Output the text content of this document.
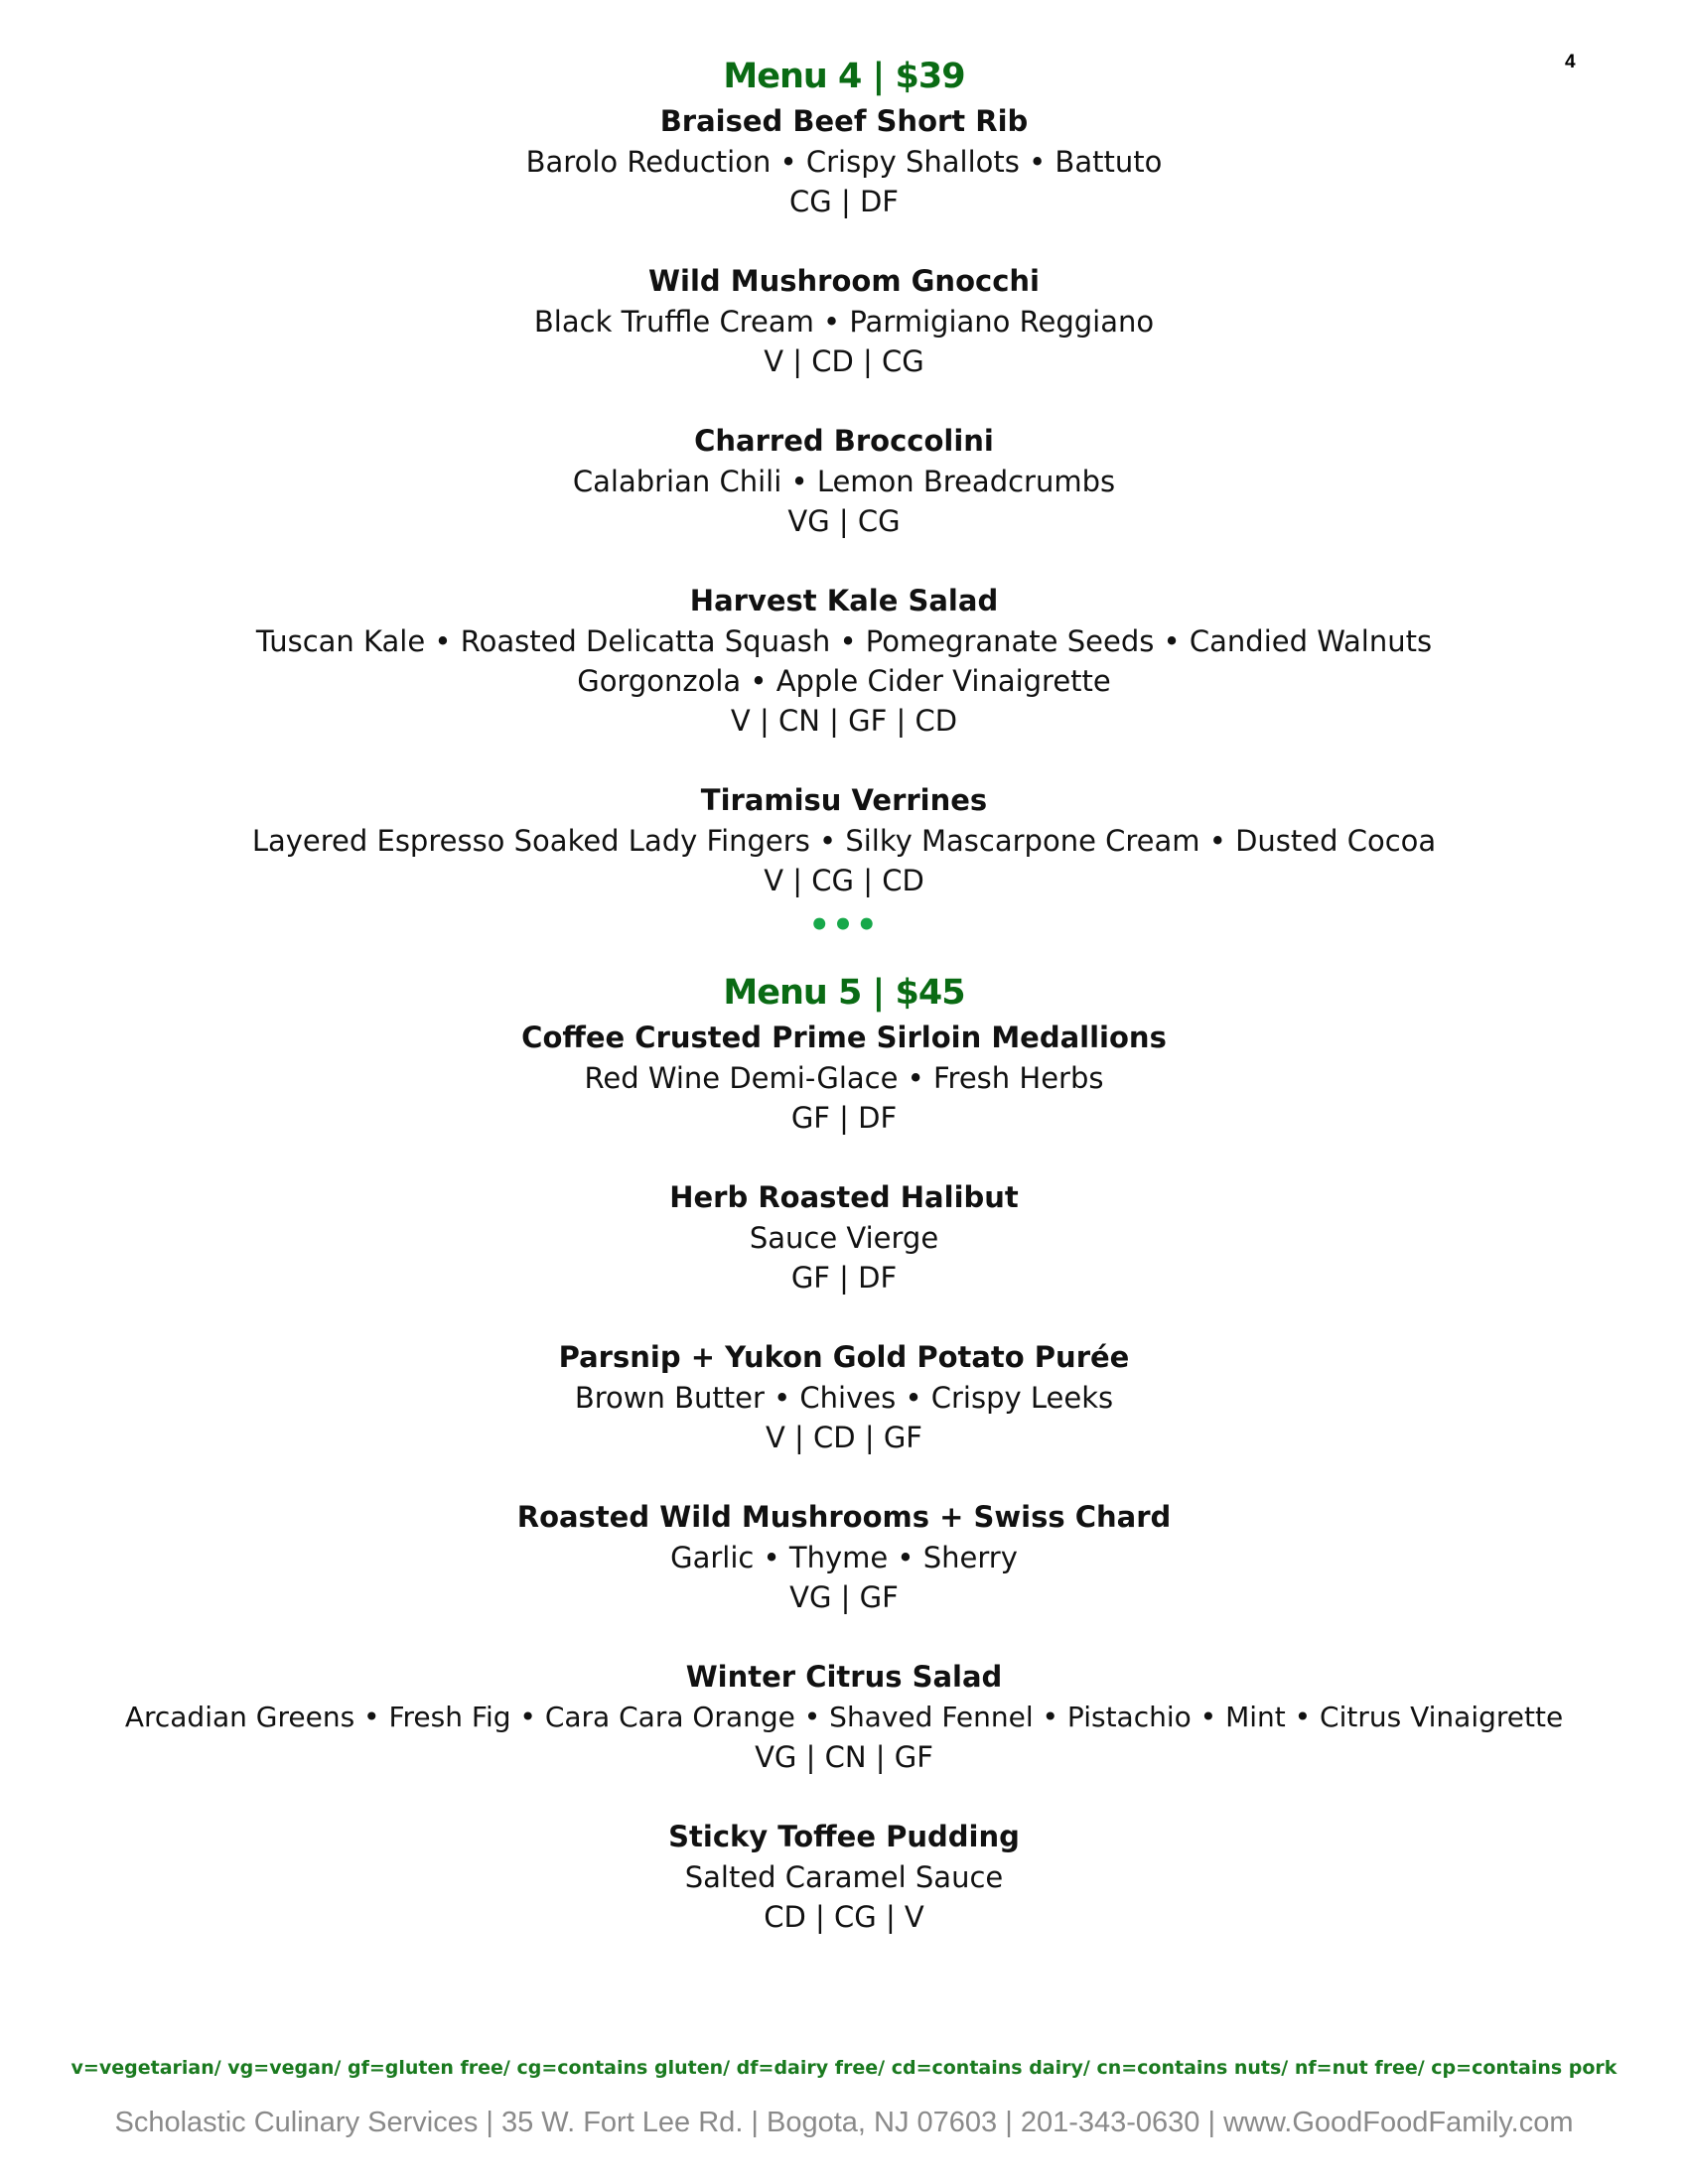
4
Menu 4 | $39
Braised Beef Short Rib
Barolo Reduction • Crispy Shallots • Battuto
CG | DF
Wild Mushroom Gnocchi
Black Truffle Cream • Parmigiano Reggiano
V | CD | CG
Charred Broccolini
Calabrian Chili • Lemon Breadcrumbs
VG | CG
Harvest Kale Salad
Tuscan Kale • Roasted Delicatta Squash • Pomegranate Seeds • Candied Walnuts
Gorgonzola • Apple Cider Vinaigrette
V | CN | GF | CD
Tiramisu Verrines
Layered Espresso Soaked Lady Fingers • Silky Mascarpone Cream • Dusted Cocoa
V | CG | CD
•••
Menu 5 | $45
Coffee Crusted Prime Sirloin Medallions
Red Wine Demi-Glace • Fresh Herbs
GF | DF
Herb Roasted Halibut
Sauce Vierge
GF | DF
Parsnip + Yukon Gold Potato Purée
Brown Butter • Chives • Crispy Leeks
V | CD | GF
Roasted Wild Mushrooms + Swiss Chard
Garlic • Thyme • Sherry
VG | GF
Winter Citrus Salad
Arcadian Greens • Fresh Fig • Cara Cara Orange • Shaved Fennel • Pistachio • Mint • Citrus Vinaigrette
VG | CN | GF
Sticky Toffee Pudding
Salted Caramel Sauce
CD | CG | V
v=vegetarian/ vg=vegan/ gf=gluten free/ cg=contains gluten/ df=dairy free/ cd=contains dairy/ cn=contains nuts/ nf=nut free/ cp=contains pork
Scholastic Culinary Services | 35 W. Fort Lee Rd. | Bogota, NJ 07603 | 201-343-0630 | www.GoodFoodFamily.com
